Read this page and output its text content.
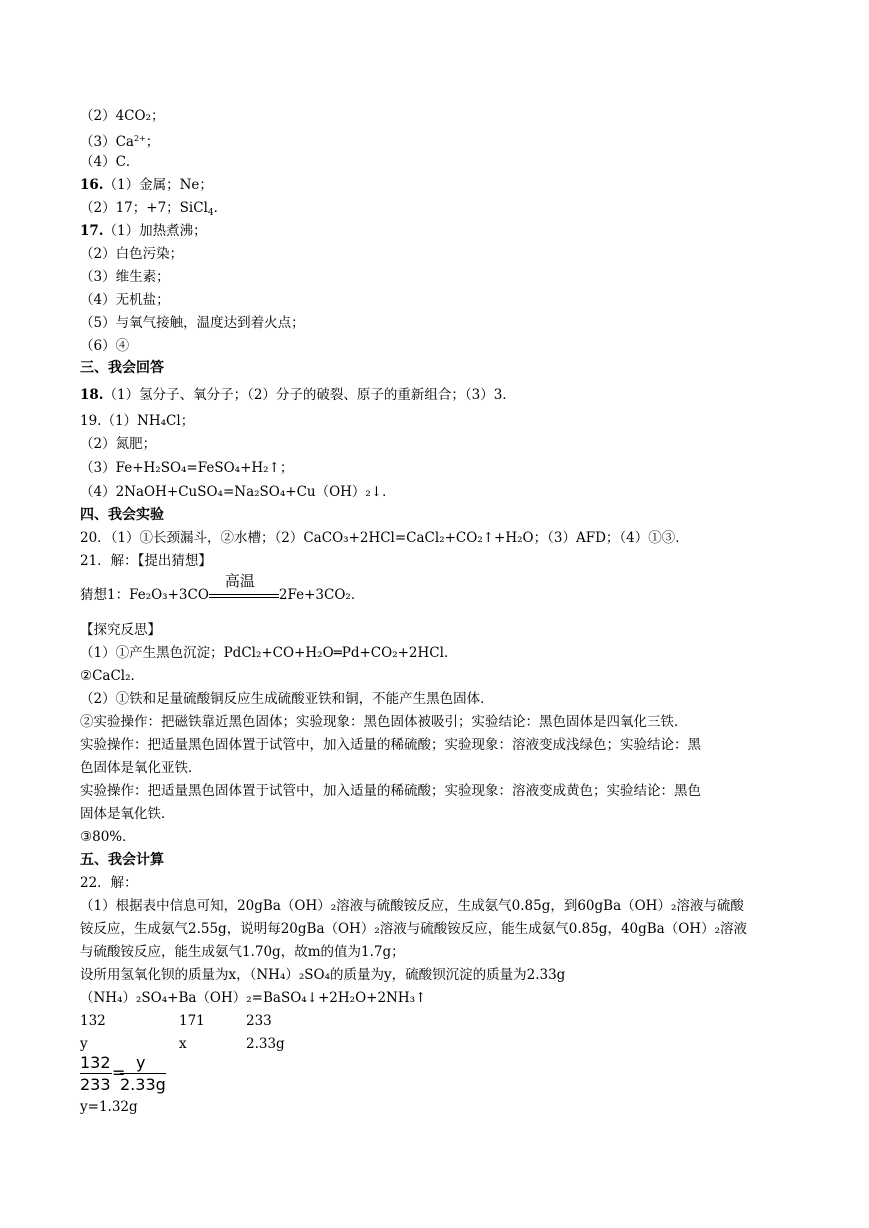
（2）4CO₂；
$(3)Ca^{2+}$；
（4）C．
16.（1）金属；Ne；
（2）17；+7；SiCl$_4$．
17.（1）加热煮沸；
（2）白色污染；
（3）维生素；
（4）无机盐；
（5）与氧气接触，温度达到着火点；
（6）④
三、我会回答
18.（1）氢分子、氧分子；（2）分子的破裂、原子的重新组合；（3）3．
19.（1）NH₄Cl；
（2）氮肥；
（3）Fe+H₂SO₄=FeSO₄+H₂↑；
（4）2NaOH+CuSO₄=Na₂SO₄+Cu（OH）₂↓．
四、我会实验
20．（1）①长颈漏斗，②水槽；（2）CaCO₃+2HCl=CaCl₂+CO₂↑+H₂O；（3）AFD；（4）①③．
21．解：【提出猜想】
猜想1：Fe₂O₃+3CO
高温
2Fe+3CO₂．
【探究反思】
（1）①产生黑色沉淀；PdCl₂+CO+H₂O═Pd+CO₂+2HCl．
②CaCl₂．
（2）①铁和足量硫酸铜反应生成硫酸亚铁和铜，不能产生黑色固体．
②实验操作：把磁铁靠近黑色固体；实验现象：黑色固体被吸引；实验结论：黑色固体是四氧化三铁．
实验操作：把适量黑色固体置于试管中，加入适量的稀硫酸；实验现象：溶液变成浅绿色；实验结论：黑
色固体是氧化亚铁．
实验操作：把适量黑色固体置于试管中，加入适量的稀硫酸；实验现象：溶液变成黄色；实验结论：黑色
固体是氧化铁．
③80%．
五、我会计算
22．解：
（1）根据表中信息可知，20gBa（OH）₂溶液与硫酸铵反应，生成氨气0.85g，到60gBa（OH）₂溶液与硫酸
铵反应，生成氨气2.55g，说明每20gBa（OH）₂溶液与硫酸铵反应，能生成氨气0.85g，40gBa（OH）₂溶液
与硫酸铵反应，能生成氨气1.70g，故m的值为1.7g；
设所用氢氧化钡的质量为x，（NH₄）₂SO₄的质量为y，硫酸钡沉淀的质量为2.33g
（NH₄）₂SO₄+Ba（OH）₂=BaSO₄↓+2H₂O+2NH₃↑
132	171	233
y	x	2.33g
132
233
=
y
2.33g
y=1.32g
